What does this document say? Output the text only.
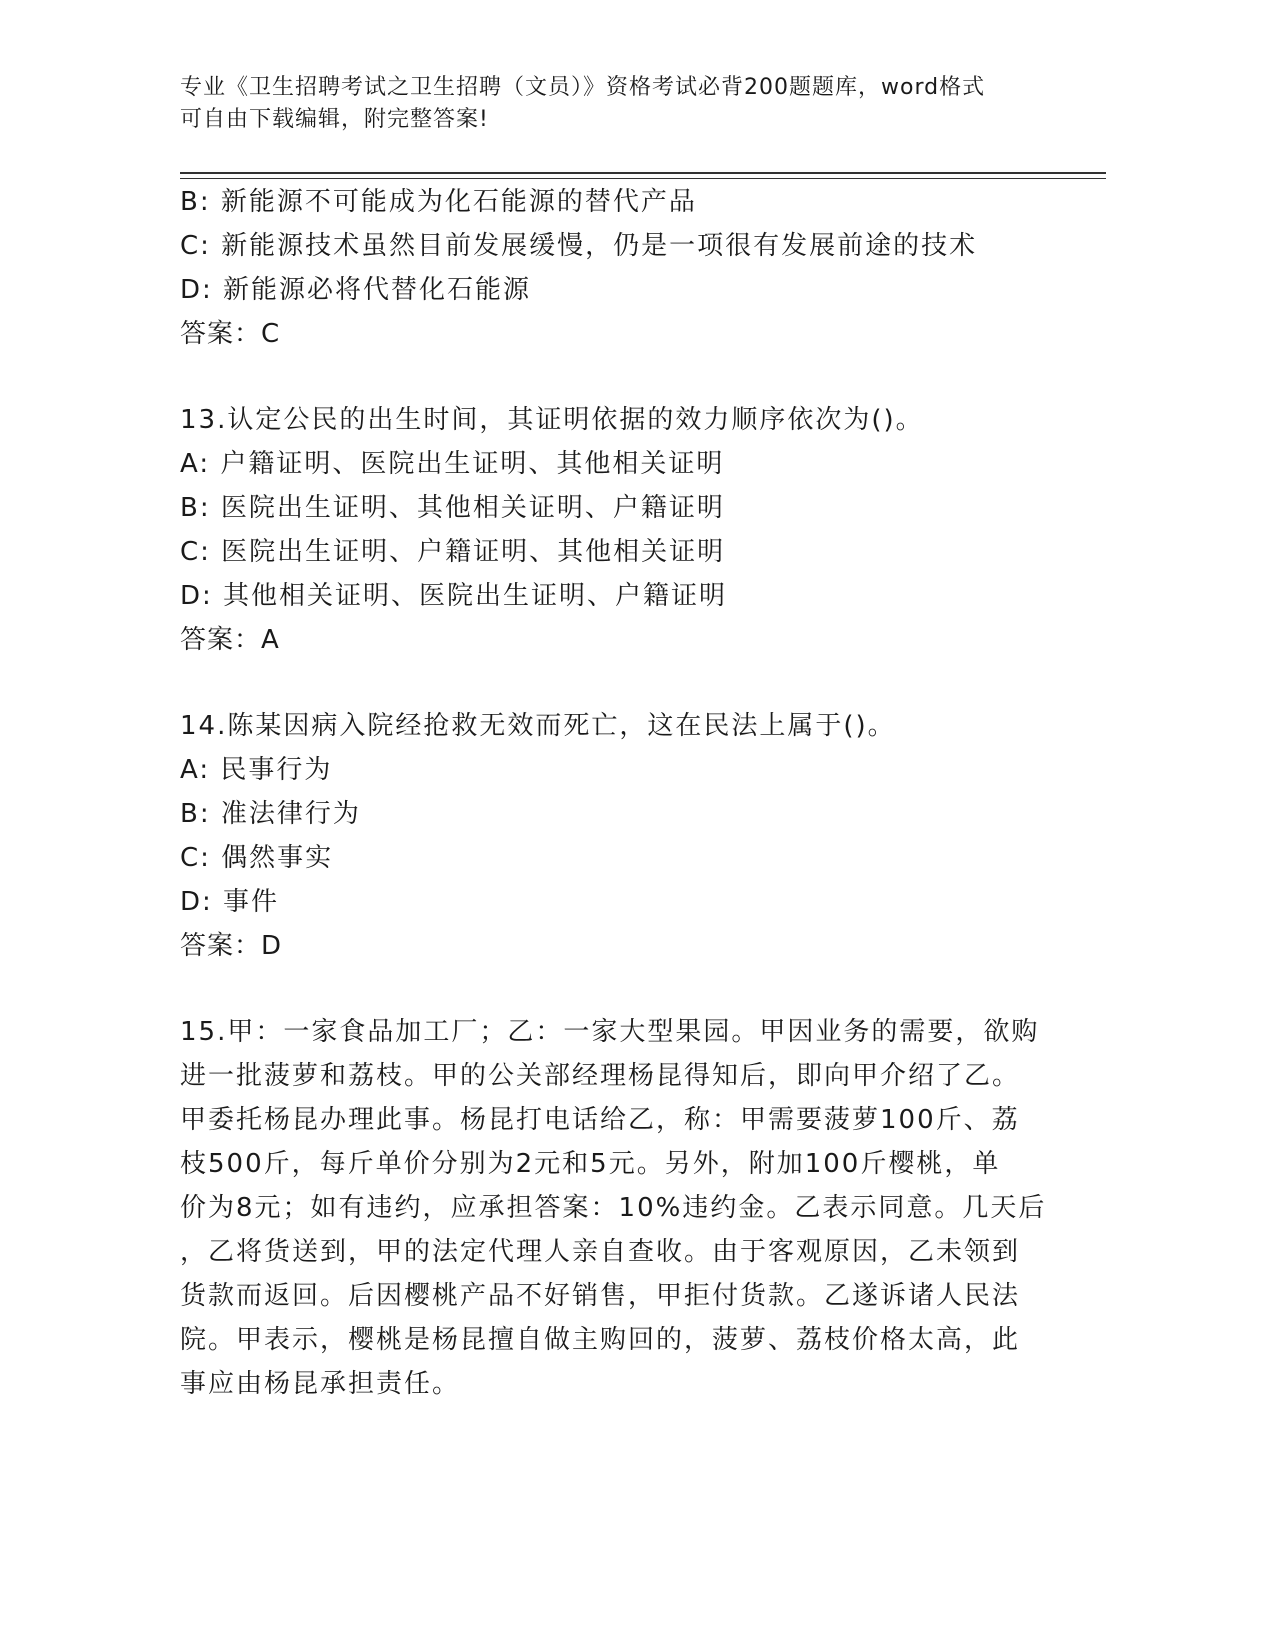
专业《卫生招聘考试之卫生招聘（文员）》资格考试必背200题题库，word格式
可自由下载编辑，附完整答案!
B: 新能源不可能成为化石能源的替代产品
C: 新能源技术虽然目前发展缓慢，仍是一项很有发展前途的技术
D: 新能源必将代替化石能源
答案：C
13.认定公民的出生时间，其证明依据的效力顺序依次为()。
A: 户籍证明、医院出生证明、其他相关证明
B: 医院出生证明、其他相关证明、户籍证明
C: 医院出生证明、户籍证明、其他相关证明
D: 其他相关证明、医院出生证明、户籍证明
答案：A
14.陈某因病入院经抢救无效而死亡，这在民法上属于()。
A: 民事行为
B: 准法律行为
C: 偶然事实
D: 事件
答案：D
15.甲：一家食品加工厂；乙：一家大型果园。甲因业务的需要，欲购
进一批菠萝和荔枝。甲的公关部经理杨昆得知后，即向甲介绍了乙。
甲委托杨昆办理此事。杨昆打电话给乙，称：甲需要菠萝100斤、荔
枝500斤，每斤单价分别为2元和5元。另外，附加100斤樱桃，单
价为8元；如有违约，应承担答案：10%违约金。乙表示同意。几天后
，乙将货送到，甲的法定代理人亲自查收。由于客观原因，乙未领到
货款而返回。后因樱桃产品不好销售，甲拒付货款。乙遂诉诸人民法
院。甲表示，樱桃是杨昆擅自做主购回的，菠萝、荔枝价格太高，此
事应由杨昆承担责任。
